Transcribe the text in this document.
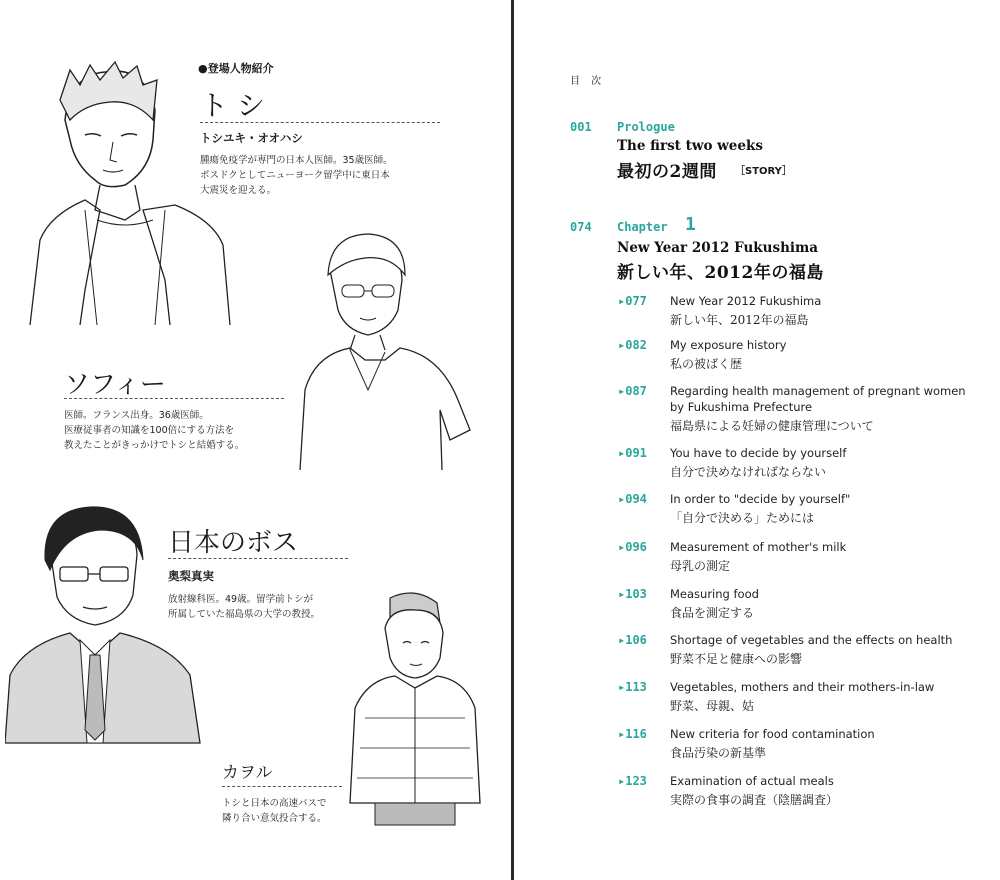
●登場人物紹介
ト シ
トシユキ・オオハシ
腫瘍免疫学が専門の日本人医師。35歳医師。
ポスドクとしてニューヨーク留学中に東日本
大震災を迎える。
ソフィー
医師。フランス出身。36歳医師。
医療従事者の知識を100倍にする方法を
教えたことがきっかけでトシと結婚する。
日本のボス
奥梨真実
放射線科医。49歳。留学前トシが
所属していた福島県の大学の教授。
カヲル
トシと日本の高速バスで
隣り合い意気投合する。
目 次
001 Prologue
The first two weeks
最初の2週間 ［STORY］
074 Chapter 1
New Year 2012 Fukushima
新しい年、2012年の福島
▸077 New Year 2012 Fukushima
新しい年、2012年の福島
▸082 My exposure history
私の被ばく歴
▸087 Regarding health management of pregnant women
by Fukushima Prefecture
福島県による妊婦の健康管理について
▸091 You have to decide by yourself
自分で決めなければならない
▸094 In order to "decide by yourself"
「自分で決める」ためには
▸096 Measurement of mother's milk
母乳の測定
▸103 Measuring food
食品を測定する
▸106 Shortage of vegetables and the effects on health
野菜不足と健康への影響
▸113 Vegetables, mothers and their mothers-in-law
野菜、母親、姑
▸116 New criteria for food contamination
食品汚染の新基準
▸123 Examination of actual meals
実際の食事の調査（陰膳調査）
